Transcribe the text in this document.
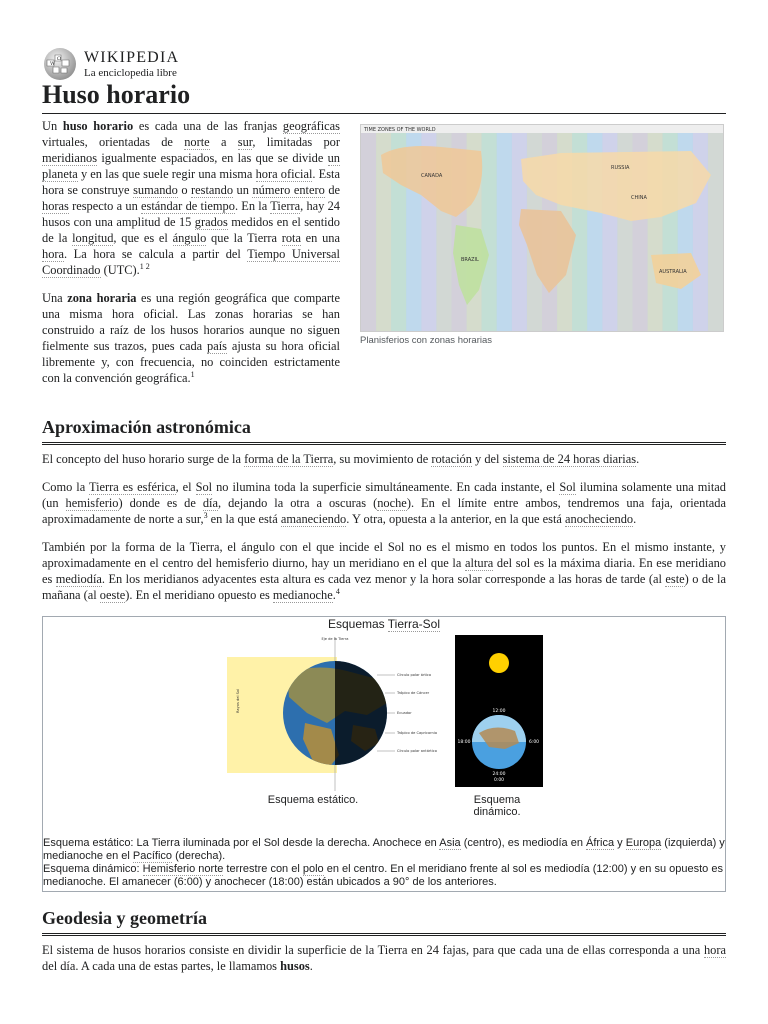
W
Ω WIKIPEDIA
La enciclopedia libre
Huso horario

Un huso horario es cada una de las franjas geográficas virtuales, orientadas de norte a sur, limitadas por meridianos igualmente espaciados, en las que se divide un planeta y en las que suele regir una misma hora oficial. Esta hora se construye sumando o restando un número entero de horas respecto a un estándar de tiempo. En la Tierra, hay 24 husos con una amplitud de 15 grados medidos en el sentido de la longitud, que es el ángulo que la Tierra rota en una hora. La hora se calcula a partir del Tiempo Universal Coordinado (UTC).$^{1 2}$

Una zona horaria es una región geográfica que comparte una misma hora oficial. Las zonas horarias se han construido a raíz de los husos horarios aunque no siguen fielmente sus trazos, pues cada país ajusta su hora oficial libremente y, con frecuencia, no coinciden estrictamente con la convención geográfica.$^1$

TIME ZONES OF THE WORLD
CANADA
BRAZIL
RUSSIA
CHINA
AUSTRALIA
Planisferios con zonas horarias
Aproximación astronómica

El concepto del huso horario surge de la forma de la Tierra, su movimiento de rotación y del sistema de 24 horas diarias.

Como la Tierra es esférica, el Sol no ilumina toda la superficie simultáneamente. En cada instante, el Sol ilumina solamente una mitad (un hemisferio) donde es de día, dejando la otra a oscuras (noche). En el límite entre ambos, tendremos una faja, orientada aproximadamente de norte a sur,$^3$ en la que está amaneciendo. Y otra, opuesta a la anterior, en la que está anocheciendo.

También por la forma de la Tierra, el ángulo con el que incide el Sol no es el mismo en todos los puntos. En el mismo instante, y aproximadamente en el centro del hemisferio diurno, hay un meridiano en el que la altura del sol es la máxima diaria. En ese meridiano es mediodía. En los meridianos adyacentes esta altura es cada vez menor y la hora solar corresponde a las horas de tarde (al este) o de la mañana (al oeste). En el meridiano opuesto es medianoche.$^4$

Esquemas Tierra-Sol
Eje de la Tierra
Rayos del Sol
Círculo polar ártico
Trópico de Cáncer
Ecuador
Trópico de Capricornio
Círculo polar antártico
12:00
18:00	6:00
24:00
0:00
Esquema estático.	Esquema
dinámico.
Esquema estático: La Tierra iluminada por el Sol desde la derecha. Anochece en Asia (centro), es mediodía en África y Europa (izquierda) y medianoche en el Pacífico (derecha).
Esquema dinámico: Hemisferio norte terrestre con el polo en el centro. En el meridiano frente al sol es mediodía (12:00) y en su opuesto es medianoche. El amanecer (6:00) y anochecer (18:00) están ubicados a 90° de los anteriores.
Geodesia y geometría

El sistema de husos horarios consiste en dividir la superficie de la Tierra en 24 fajas, para que cada una de ellas corresponda a una hora del día. A cada una de estas partes, le llamamos husos.
